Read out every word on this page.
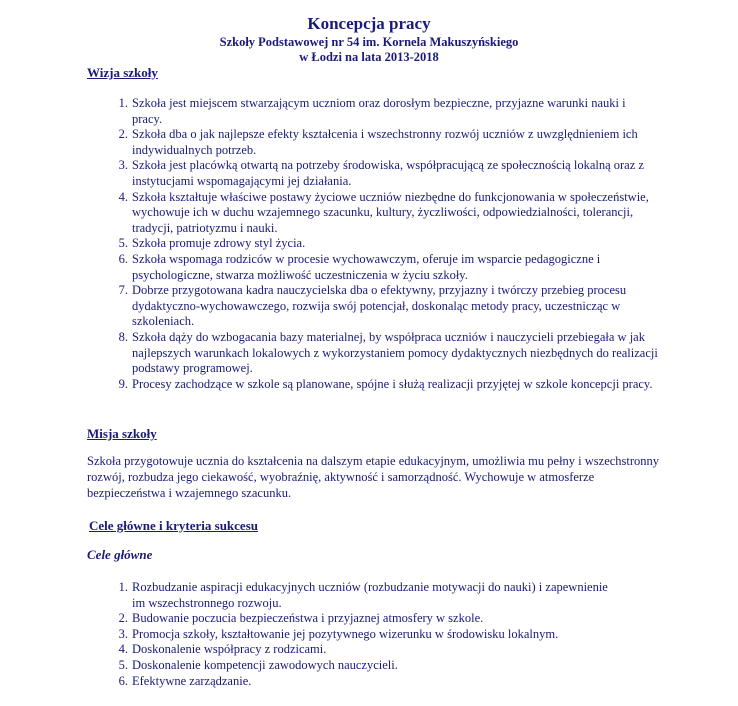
Koncepcja pracy
Szkoły Podstawowej nr 54 im. Kornela Makuszyńskiego
w Łodzi na lata 2013-2018
Wizja szkoły
1. Szkoła jest miejscem stwarzającym uczniom oraz dorosłym bezpieczne, przyjazne warunki nauki i pracy.
2. Szkoła dba o jak najlepsze efekty kształcenia i wszechstronny rozwój uczniów z uwzględnieniem ich indywidualnych potrzeb.
3. Szkoła jest placówką otwartą na potrzeby środowiska, współpracującą ze społecznością lokalną oraz z instytucjami wspomagającymi jej działania.
4. Szkoła kształtuje właściwe postawy życiowe uczniów niezbędne do funkcjonowania w społeczeństwie, wychowuje ich w duchu wzajemnego szacunku, kultury, życzliwości, odpowiedzialności, tolerancji, tradycji, patriotyzmu i nauki.
5. Szkoła promuje zdrowy styl życia.
6. Szkoła wspomaga rodziców w procesie wychowawczym, oferuje im wsparcie pedagogiczne i psychologiczne, stwarza możliwość uczestniczenia w życiu szkoły.
7. Dobrze przygotowana kadra nauczycielska dba o efektywny, przyjazny i twórczy przebieg procesu dydaktyczno-wychowawczego, rozwija swój potencjał, doskonaląc metody pracy, uczestnicząc w szkoleniach.
8. Szkoła dąży do wzbogacania bazy materialnej, by współpraca uczniów i nauczycieli przebiegała w jak najlepszych warunkach lokalowych z wykorzystaniem pomocy dydaktycznych niezbędnych do realizacji podstawy programowej.
9. Procesy zachodzące w szkole są planowane, spójne i służą realizacji przyjętej w szkole koncepcji pracy.
Misja szkoły

Szkoła przygotowuje ucznia do kształcenia na dalszym etapie edukacyjnym, umożliwia mu pełny i wszechstronny rozwój, rozbudza jego ciekawość, wyobraźnię, aktywność i samorządność. Wychowuje w atmosferze bezpieczeństwa i wzajemnego szacunku.

Cele główne i kryteria sukcesu
Cele główne
1. Rozbudzanie aspiracji edukacyjnych uczniów (rozbudzanie motywacji do nauki) i zapewnienie im wszechstronnego rozwoju.
2. Budowanie poczucia bezpieczeństwa i przyjaznej atmosfery w szkole.
3. Promocja szkoły, kształtowanie jej pozytywnego wizerunku w środowisku lokalnym.
4. Doskonalenie współpracy z rodzicami.
5. Doskonalenie kompetencji zawodowych nauczycieli.
6. Efektywne zarządzanie.
